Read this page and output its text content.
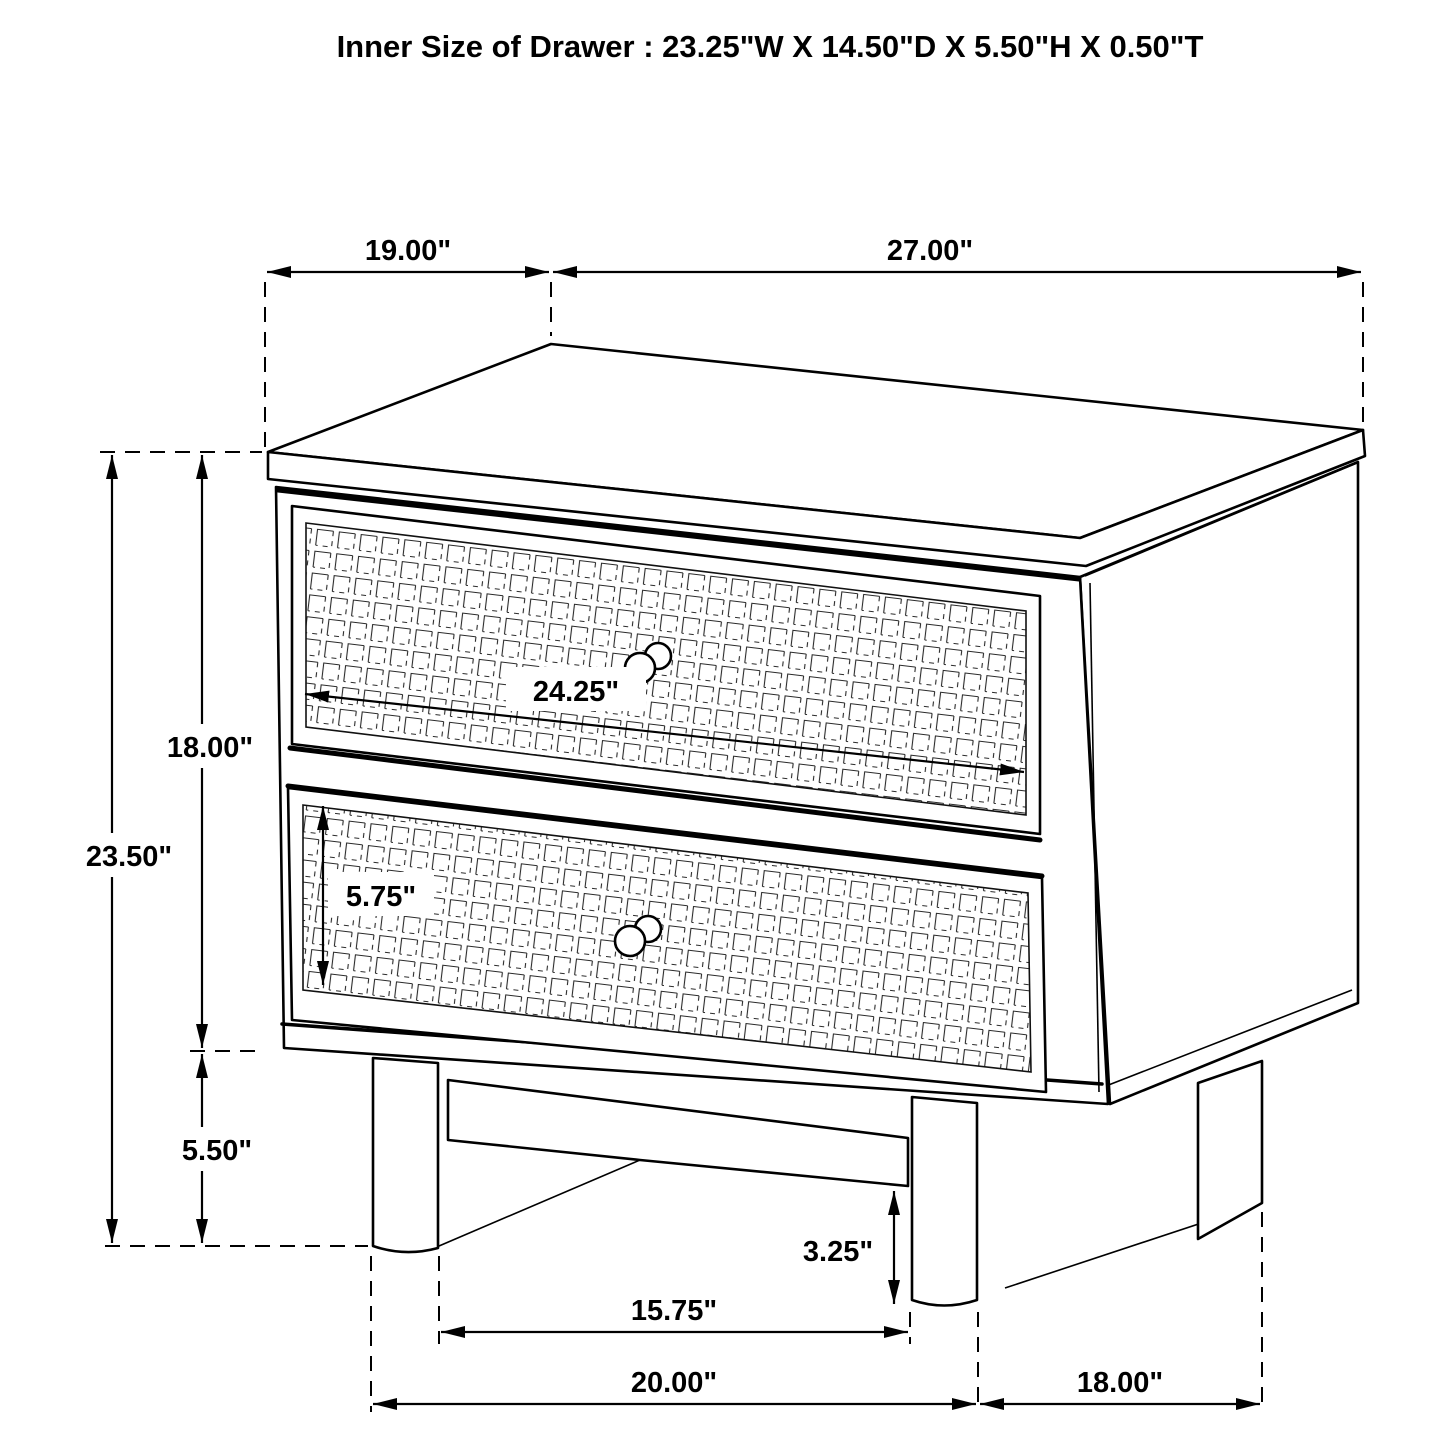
19.00"	27.00"
23.50"
18.00"
5.50"
24.25"
5.75"
3.25"
15.75"
20.00"	18.00"
Inner Size of Drawer : 23.25"W X 14.50"D X 5.50"H X 0.50"T
